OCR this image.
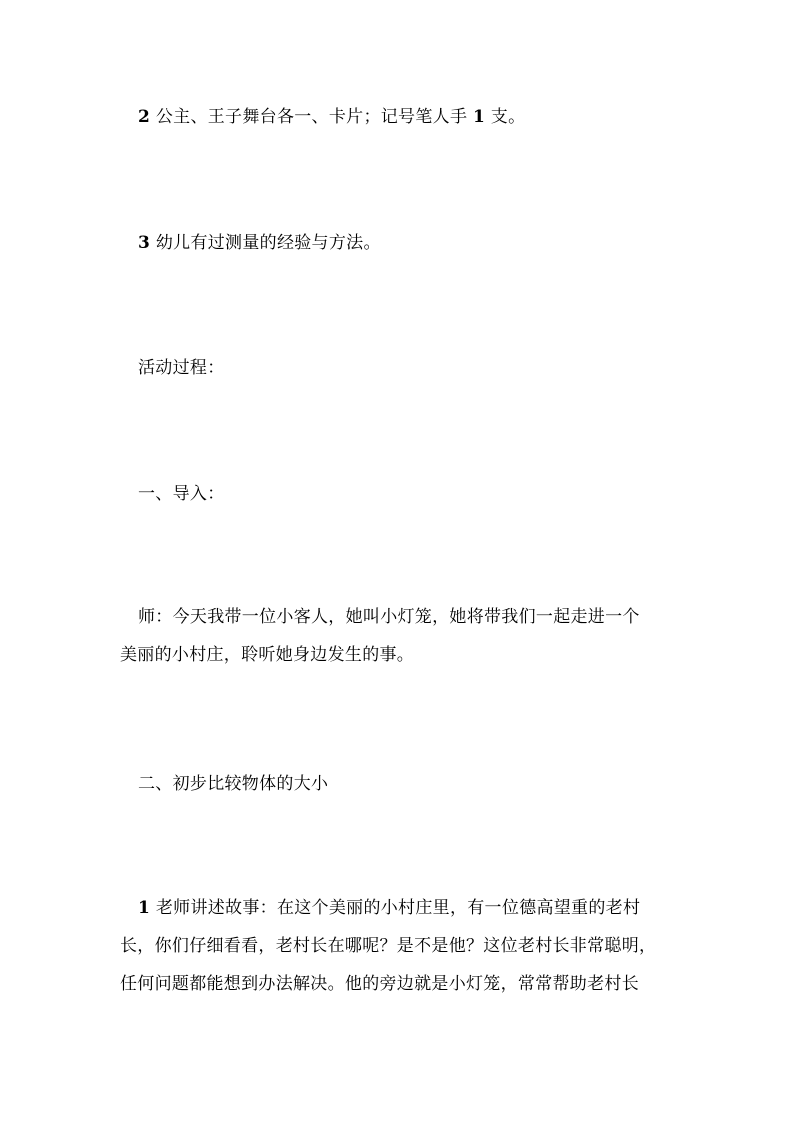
2 公主、王子舞台各一、卡片；记号笔人手 1 支。
3 幼儿有过测量的经验与方法。
活动过程：
一、导入：
师：今天我带一位小客人，她叫小灯笼，她将带我们一起走进一个
美丽的小村庄，聆听她身边发生的事。
二、初步比较物体的大小
1 老师讲述故事：在这个美丽的小村庄里，有一位德高望重的老村
长，你们仔细看看，老村长在哪呢？是不是他？这位老村长非常聪明，
任何问题都能想到办法解决。他的旁边就是小灯笼，常常帮助老村长
